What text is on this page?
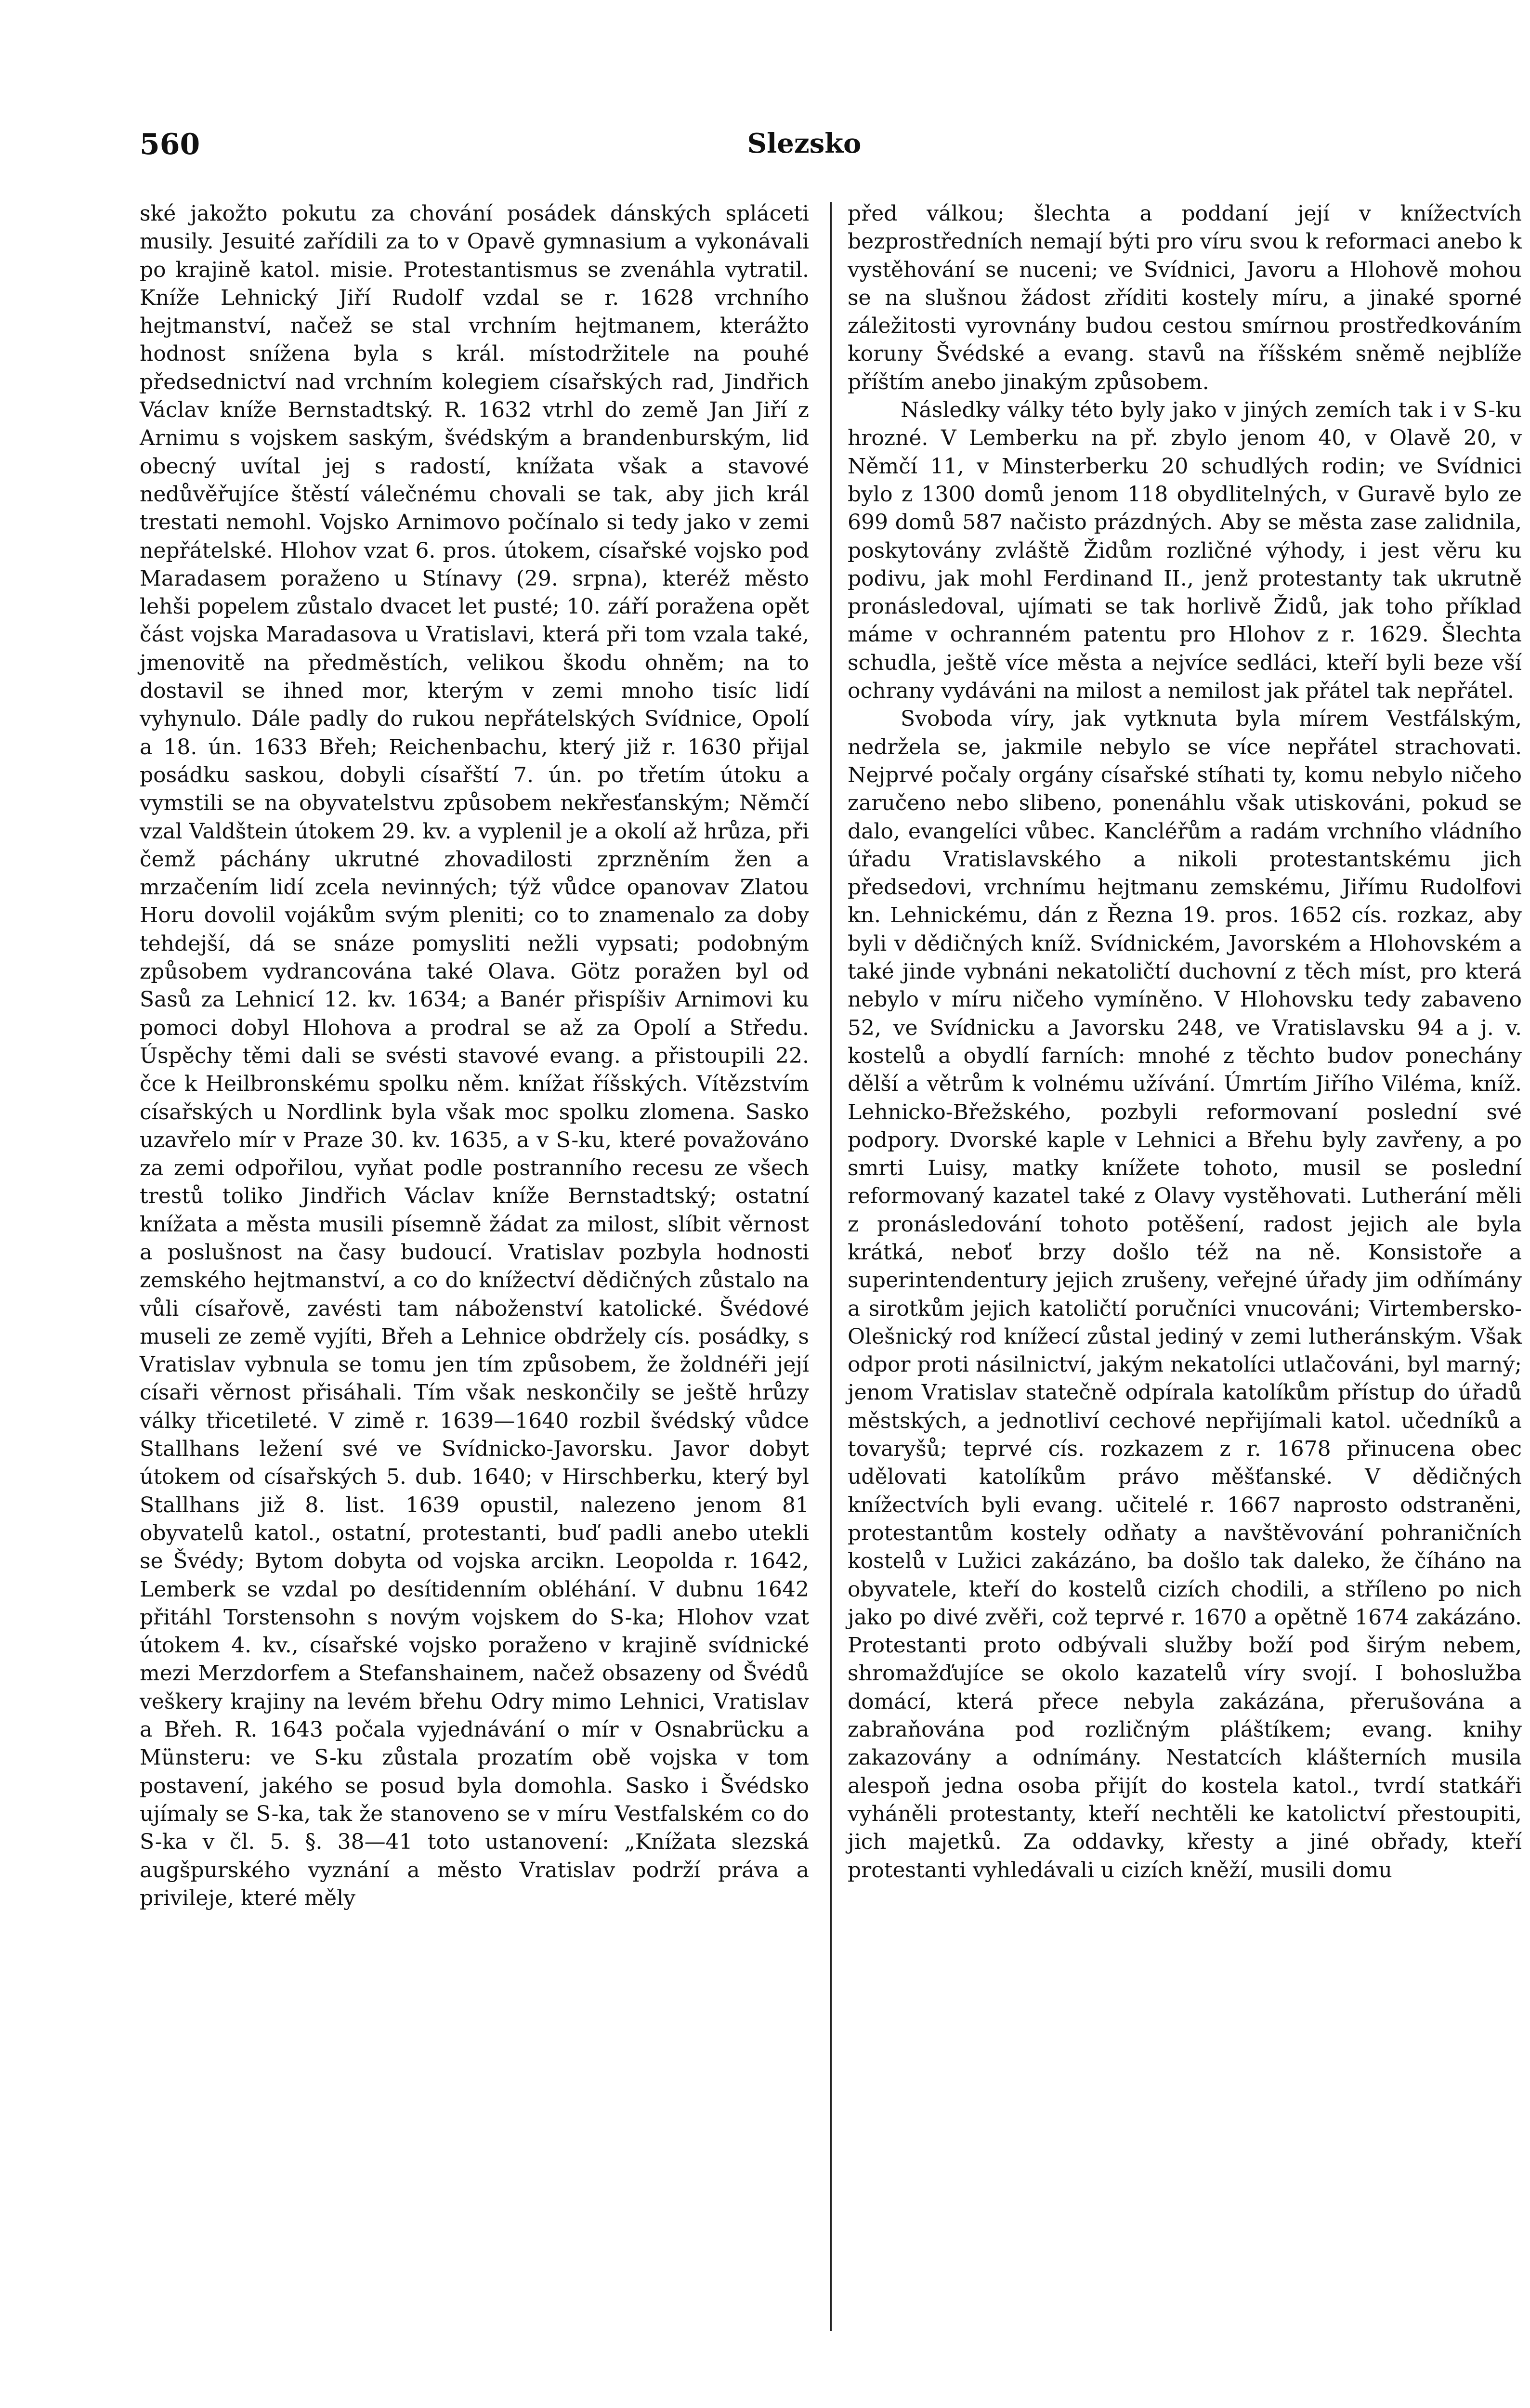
560	Slezsko

ské jakožto pokutu za chování posádek dánských spláceti musily. Jesuité zařídili za to v Opavě gymnasium a vykonávali po krajině katol. misie. Protestantismus se zvenáhla vytratil. Kníže Lehnický Jiří Rudolf vzdal se r. 1628 vrchního hejtmanství, načež se stal vrchním hejtmanem, kterážto hodnost snížena byla s král. místodržitele na pouhé předsednictví nad vrchním kolegiem císařských rad, Jindřich Václav kníže Bernstadtský. R. 1632 vtrhl do země Jan Jiří z Arnimu s vojskem saským, švédským a brandenburským, lid obecný uvítal jej s radostí, knížata však a stavové nedůvěřujíce štěstí válečnému chovali se tak, aby jich král trestati nemohl. Vojsko Arnimovo počínalo si tedy jako v zemi nepřátelské. Hlohov vzat 6. pros. útokem, císařské vojsko pod Maradasem poraženo u Stínavy (29. srpna), kteréž město lehši popelem zůstalo dvacet let pusté; 10. září poražena opět část vojska Maradasova u Vratislavi, která při tom vzala také, jmenovitě na předměstích, velikou škodu ohněm; na to dostavil se ihned mor, kterým v zemi mnoho tisíc lidí vyhynulo. Dále padly do rukou nepřátelských Svídnice, Opolí a 18. ún. 1633 Břeh; Reichenbachu, který již r. 1630 přijal posádku saskou, dobyli císařští 7. ún. po třetím útoku a vymstili se na obyvatelstvu způsobem nekřesťanským; Němčí vzal Valdštein útokem 29. kv. a vyplenil je a okolí až hrůza, při čemž páchány ukrutné zhovadilosti zprzněním žen a mrzačením lidí zcela nevinných; týž vůdce opanovav Zlatou Horu dovolil vojákům svým pleniti; co to znamenalo za doby tehdejší, dá se snáze pomysliti nežli vypsati; podobným způsobem vydrancována také Olava. Götz poražen byl od Sasů za Lehnicí 12. kv. 1634; a Banér přispíšiv Arnimovi ku pomoci dobyl Hlohova a prodral se až za Opolí a Středu. Úspěchy těmi dali se svésti stavové evang. a přistoupili 22. čce k Heilbronskému spolku něm. knížat říšských. Vítězstvím císařských u Nordlink byla však moc spolku zlomena. Sasko uzavřelo mír v Praze 30. kv. 1635, a v S-ku, které považováno za zemi odpořilou, vyňat podle postranního recesu ze všech trestů toliko Jindřich Václav kníže Bernstadtský; ostatní knížata a města musili písemně žádat za milost, slíbit věrnost a poslušnost na časy budoucí. Vratislav pozbyla hodnosti zemského hejtmanství, a co do knížectví dědičných zůstalo na vůli císařově, zavésti tam náboženství katolické. Švédové museli ze země vyjíti, Břeh a Lehnice obdržely cís. posádky, s Vratislav vybnula se tomu jen tím způsobem, že žoldnéři její císaři věrnost přisáhali. Tím však neskončily se ještě hrůzy války třicetileté. V zimě r. 1639—1640 rozbil švédský vůdce Stallhans ležení své ve Svídnicko-Javorsku. Javor dobyt útokem od císařských 5. dub. 1640; v Hirschberku, který byl Stallhans již 8. list. 1639 opustil, nalezeno jenom 81 obyvatelů katol., ostatní, protestanti, buď padli anebo utekli se Švédy; Bytom dobyta od vojska arcikn. Leopolda r. 1642, Lemberk se vzdal po desítidenním obléhání. V dubnu 1642 přitáhl Torstensohn s novým vojskem do S-ka; Hlohov vzat útokem 4. kv., císařské vojsko poraženo v krajině svídnické mezi Merzdorfem a Stefanshainem, načež obsazeny od Švédů veškery krajiny na levém břehu Odry mimo Lehnici, Vratislav a Břeh. R. 1643 počala vyjednávání o mír v Osnabrücku a Münsteru: ve S-ku zůstala prozatím obě vojska v tom postavení, jakého se posud byla domohla. Sasko i Švédsko ujímaly se S-ka, tak že stanoveno se v míru Vestfalském co do S-ka v čl. 5. §. 38—41 toto ustanovení: „Knížata slezská augšpurského vyznání a město Vratislav podrží práva a privileje, které měly

před válkou; šlechta a poddaní její v knížectvích bezprostředních nemají býti pro víru svou k reformaci anebo k vystěhování se nuceni; ve Svídnici, Javoru a Hlohově mohou se na slušnou žádost zříditi kostely míru, a jinaké sporné záležitosti vyrovnány budou cestou smírnou prostředkováním koruny Švédské a evang. stavů na říšském sněmě nejblíže příštím anebo jinakým způsobem.

Následky války této byly jako v jiných zemích tak i v S-ku hrozné. V Lemberku na př. zbylo jenom 40, v Olavě 20, v Němčí 11, v Minsterberku 20 schudlých rodin; ve Svídnici bylo z 1300 domů jenom 118 obydlitelných, v Guravě bylo ze 699 domů 587 načisto prázdných. Aby se města zase zalidnila, poskytovány zvláště Židům rozličné výhody, i jest věru ku podivu, jak mohl Ferdinand II., jenž protestanty tak ukrutně pronásledoval, ujímati se tak horlivě Židů, jak toho příklad máme v ochranném patentu pro Hlohov z r. 1629. Šlechta schudla, ještě více města a nejvíce sedláci, kteří byli beze vší ochrany vydáváni na milost a nemilost jak přátel tak nepřátel.

Svoboda víry, jak vytknuta byla mírem Vestfálským, nedržela se, jakmile nebylo se více nepřátel strachovati. Nejprvé počaly orgány císařské stíhati ty, komu nebylo ničeho zaručeno nebo slibeno, ponenáhlu však utiskováni, pokud se dalo, evangelíci vůbec. Kancléřům a radám vrchního vládního úřadu Vratislavského a nikoli protestantskému jich předsedovi, vrchnímu hejtmanu zemskému, Jiřímu Rudolfovi kn. Lehnickému, dán z Řezna 19. pros. 1652 cís. rozkaz, aby byli v dědičných kníž. Svídnickém, Javorském a Hlohovském a také jinde vybnáni nekatoličtí duchovní z těch míst, pro která nebylo v míru ničeho vymíněno. V Hlohovsku tedy zabaveno 52, ve Svídnicku a Javorsku 248, ve Vratislavsku 94 a j. v. kostelů a obydlí farních: mnohé z těchto budov ponechány dělší a větrům k volnému užívání. Úmrtím Jiřího Viléma, kníž. Lehnicko-Břežského, pozbyli reformovaní poslední své podpory. Dvorské kaple v Lehnici a Břehu byly zavřeny, a po smrti Luisy, matky knížete tohoto, musil se poslední reformovaný kazatel také z Olavy vystěhovati. Lutherání měli z pronásledování tohoto potěšení, radost jejich ale byla krátká, neboť brzy došlo též na ně. Konsistoře a superintendentury jejich zrušeny, veřejné úřady jim odňímány a sirotkům jejich katoličtí poručníci vnucováni; Virtembersko-Olešnický rod knížecí zůstal jediný v zemi lutheránským. Však odpor proti násilnictví, jakým nekatolíci utlačováni, byl marný; jenom Vratislav statečně odpírala katolíkům přístup do úřadů městských, a jednotliví cechové nepřijímali katol. učedníků a tovaryšů; teprvé cís. rozkazem z r. 1678 přinucena obec udělovati katolíkům právo měšťanské. V dědičných knížectvích byli evang. učitelé r. 1667 naprosto odstraněni, protestantům kostely odňaty a navštěvování pohraničních kostelů v Lužici zakázáno, ba došlo tak daleko, že číháno na obyvatele, kteří do kostelů cizích chodili, a stříleno po nich jako po divé zvěři, což teprvé r. 1670 a opětně 1674 zakázáno. Protestanti proto odbývali služby boží pod širým nebem, shromažďujíce se okolo kazatelů víry svojí. I bohoslužba domácí, která přece nebyla zakázána, přerušována a zabraňována pod rozličným pláštíkem; evang. knihy zakazovány a odnímány. Nestatcích klášterních musila alespoň jedna osoba přijít do kostela katol., tvrdí statkáři vyháněli protestanty, kteří nechtěli ke katolictví přestoupiti, jich majetků. Za oddavky, křesty a jiné obřady, kteří protestanti vyhledávali u cizích kněží, musili domu
